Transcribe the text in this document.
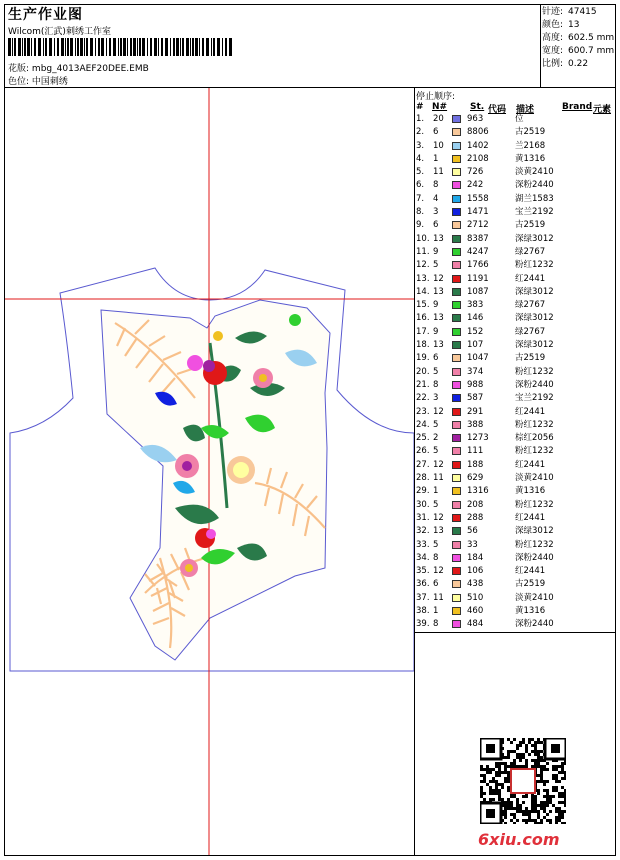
生产作业图
Wilcom(汇武)刺绣工作室
花版: mbg_4013AEF20DEE.EMB
色位: 中国刺绣
针迹: 47415
颜色: 13
高度: 602.5 mm
宽度: 600.7 mm
比例: 0.22
停止顺序:
# N#	St. 代码 描述	Brand 元素
1. 20	963	位
2. 6	8806	古2519
3. 10	1402	兰2168
4. 1	2108	黄1316
5. 11	726	淡黄2410
6. 8	242	深粉2440
7. 4	1558	湖兰1583
8. 3	1471	宝兰2192
9. 6	2712	古2519
10. 13	8387	深绿3012
11. 9	4247	绿2767
12. 5	1766	粉红1232
13. 12	1191	红2441
14. 13	1087	深绿3012
15. 9	383	绿2767
16. 13	146	深绿3012
17. 9	152	绿2767
18. 13	107	深绿3012
19. 6	1047	古2519
20. 5	374	粉红1232
21. 8	988	深粉2440
22. 3	587	宝兰2192
23. 12	291	红2441
24. 5	388	粉红1232
25. 2	1273	棕红2056
26. 5	111	粉红1232
27. 12	188	红2441
28. 11	629	淡黄2410
29. 1	1316	黄1316
30. 5	208	粉红1232
31. 12	288	红2441
32. 13	56	深绿3012
33. 5	33	粉红1232
34. 8	184	深粉2440
35. 12	106	红2441
36. 6	438	古2519
37. 11	510	淡黄2410
38. 1	460	黄1316
39. 8	484	深粉2440
6xiu.com
